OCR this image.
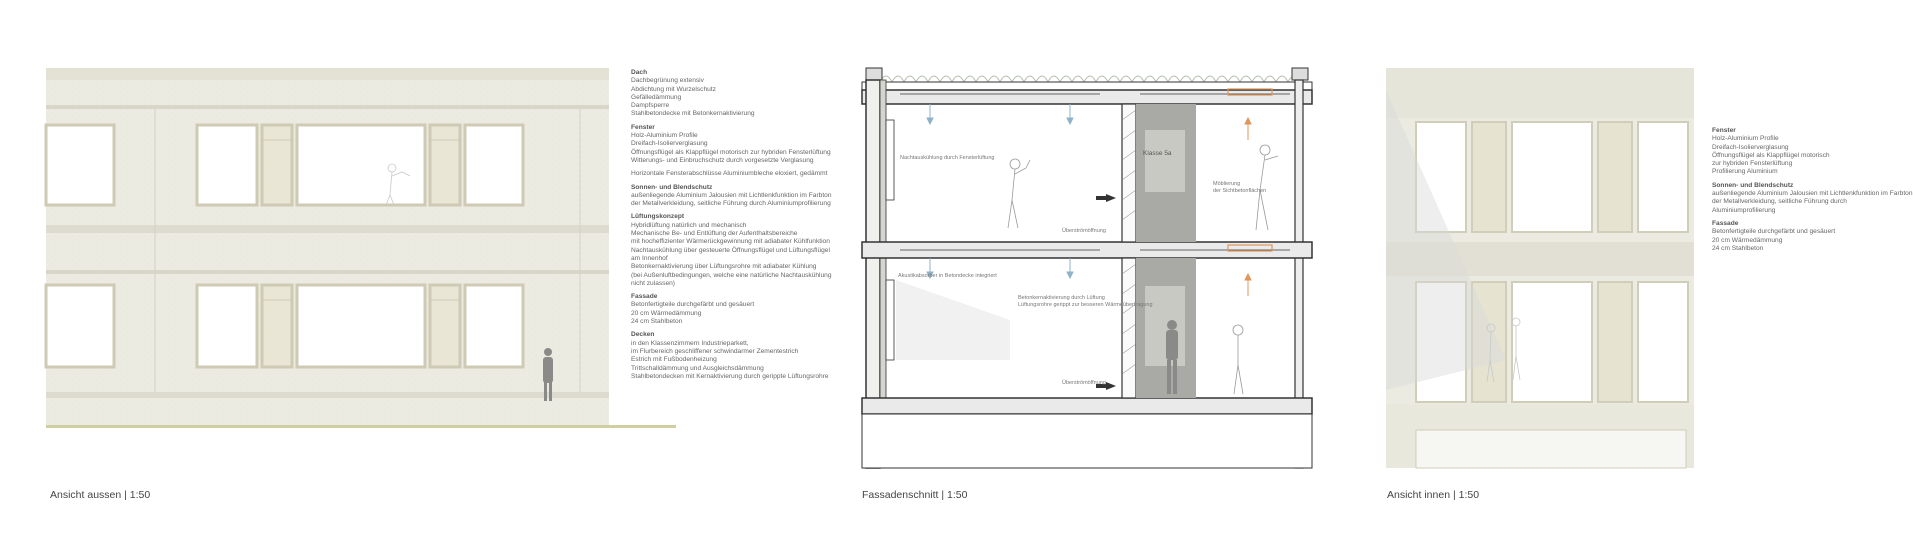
Dach
Dachbegrünung extensiv
Abdichtung mit Wurzelschutz
Gefälledämmung
Dampfsperre
Stahlbetondecke mit Betonkernaktivierung
Fenster
Holz-Aluminium Profile
Dreifach-Isolierverglasung
Öffnungsflügel als Klappflügel motorisch zur hybriden Fensterlüftung
Witterungs- und Einbruchschutz durch vorgesetzte Verglasung
Horizontale Fensterabschlüsse Aluminiumbleche eloxiert, gedämmt
Sonnen- und Blendschutz
außenliegende Aluminium Jalousien mit Lichtlenkfunktion im Farbton
der Metallverkleidung, seitliche Führung durch Aluminiumprofilierung
Lüftungskonzept
Hybridlüftung natürlich und mechanisch
Mechanische Be- und Entlüftung der Aufenthaltsbereiche
mit hocheffizienter Wärmerückgewinnung mit adiabater Kühlfunktion
Nachtauskühlung über gesteuerte Öffnungsflügel und Lüftungsflügel
am Innenhof
Betonkernaktivierung über Lüftungsrohre mit adiabater Kühlung
(bei Außenluftbedingungen, welche eine natürliche Nachtauskühlung
nicht zulassen)
Fassade
Betonfertigteile durchgefärbt und gesäuert
20 cm Wärmedämmung
24 cm Stahlbeton
Decken
in den Klassenzimmern Industrieparkett,
im Flurbereich geschliffener schwindarmer Zementestrich
Estrich mit Fußbodenheizung
Trittschalldämmung und Ausgleichsdämmung
Stahlbetondecken mit Kernaktivierung durch gerippte Lüftungsrohre
Nachtauskühlung durch Fensterlüftung
Klasse 5a
Überströmöffnung
Überströmöffnung
Akustikabsorber in Betondecke integriert
Betonkernaktivierung durch Lüftung
Lüftungsrohre gerippt zur besseren Wärmeübertragung
Möblierung
der Sichtbetonflächen
Fenster
Holz-Aluminium Profile
Dreifach-Isolierverglasung
Öffnungsflügel als Klappflügel motorisch
zur hybriden Fensterlüftung
Profilierung Aluminium
Sonnen- und Blendschutz
außenliegende Aluminium Jalousien mit Lichtlenkfunktion im Farbton
der Metallverkleidung, seitliche Führung durch
Aluminiumprofilierung
Fassade
Betonfertigteile durchgefärbt und gesäuert
20 cm Wärmedämmung
24 cm Stahlbeton
Ansicht aussen | 1:50	Fassadenschnitt | 1:50	Ansicht innen | 1:50
